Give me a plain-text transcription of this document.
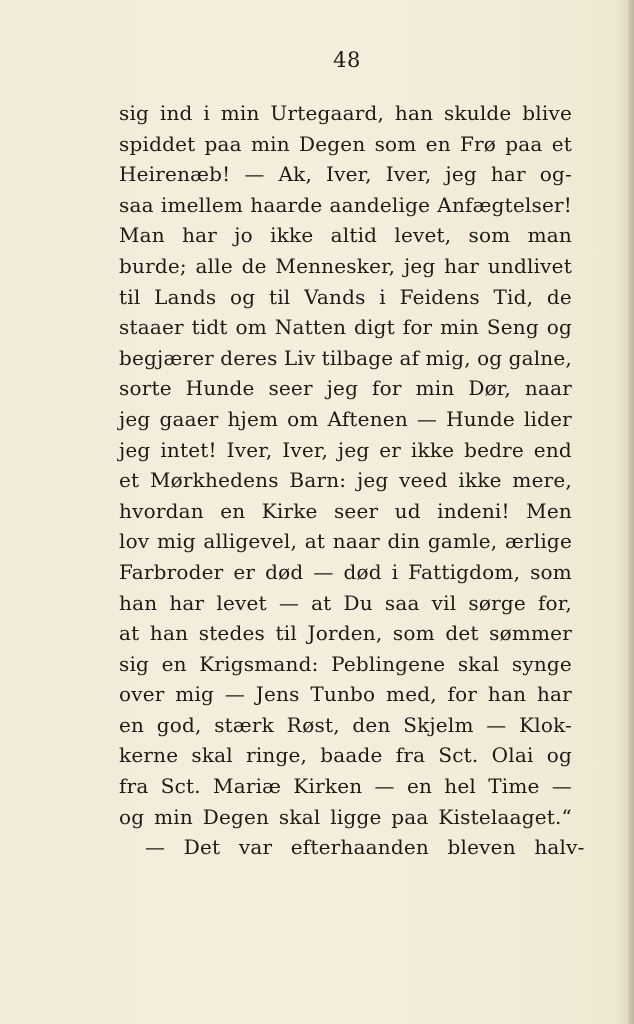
48
sig ind i min Urtegaard, han skulde blive
spiddet paa min Degen som en Frø paa et
Heirenæb! — Ak, Iver, Iver, jeg har og-
saa imellem haarde aandelige Anfægtelser!
Man har jo ikke altid levet, som man
burde; alle de Mennesker, jeg har undlivet
til Lands og til Vands i Feidens Tid, de
staaer tidt om Natten digt for min Seng og
begjærer deres Liv tilbage af mig, og galne,
sorte Hunde seer jeg for min Dør, naar
jeg gaaer hjem om Aftenen — Hunde lider
jeg intet! Iver, Iver, jeg er ikke bedre end
et Mørkhedens Barn: jeg veed ikke mere,
hvordan en Kirke seer ud indeni! Men
lov mig alligevel, at naar din gamle, ærlige
Farbroder er død — død i Fattigdom, som
han har levet — at Du saa vil sørge for,
at han stedes til Jorden, som det sømmer
sig en Krigsmand: Peblingene skal synge
over mig — Jens Tunbo med, for han har
en god, stærk Røst, den Skjelm — Klok-
kerne skal ringe, baade fra Sct. Olai og
fra Sct. Mariæ Kirken — en hel Time —
og min Degen skal ligge paa Kistelaaget.“
— Det var efterhaanden bleven halv-
